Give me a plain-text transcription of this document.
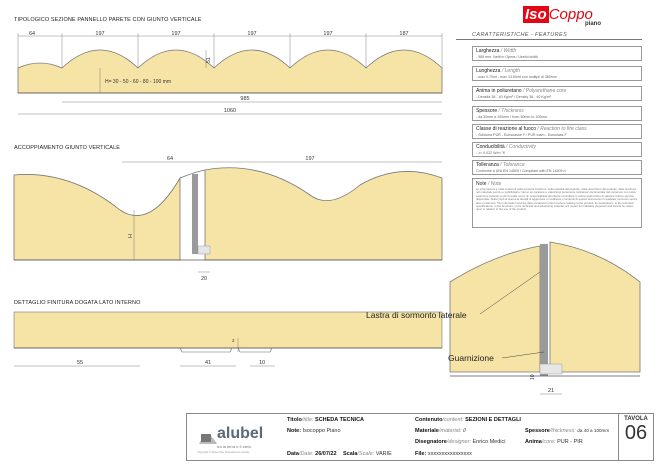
TIPOLOGICO SEZIONE PANNELLO PARETE CON GIUNTO VERTICALE
ACCOPPIAMENTO GIUNTO VERTICALE
DETTAGLIO FINITURA DOGATA LATO INTERNO
64	197	197	197	197	187
51
H= 30 - 50 - 60 - 80 - 100 mm
985
1060
64	197
H
20
55	41	10
2
21
10
Lastra di sormonto laterale
Guarnizione
Iso Coppo
piano
CARATTERISTICHE - FEATURES
Larghezza / Width
- 985 mm. Netti in Opera / Useful width
Lunghezza / Length
- max 0.70mt - max 13.60mt con multipli di 380mm
Anima in poliuretano / Polyurethane core
- Densità 38 - 40 Kg/m³ / Density 38 - 40 Kg/m³
Spessore / Thickness
- da 30mm a 100mm / from 30mm to 100mm
Classe di reazione al fuoco / Reaction to fire class
- Schiuma PUR - Euroclasse F / PUR foam - Euroclass F
Conducibilità / Conductivity
- λ= 0.022 W/m °K
Tolleranza / Tolerance
Conforme a UNI EN 14509 / Compliant with EN 14509 rt
Note / Note
Le informazioni e i dati contenuti nella presente brochure, sulla quantità del prodotto, delle descrizioni del prodotto, delle brochure, nel materiale tecnico e pubblicitario, hanno un carattere e valenzione puramente indicativa/ documentale del contenuto non potrà esprimere ostacoli su chi di quale uomo. E' responsabilità del cliente controllare in ordine quali al fine di valutare l'ultimo servizio disponibile. Alubel SpA si riserva la facoltà di aggiornare o modificare i contenuti di questo documento in qualsiasi momento senza alcun preavviso. The information and the data contained in this brochure relating to the product, its descriptions, in the technical specifications, in the brochure, in the technical and advertising material, are meant for indicative purposes and cannot be relied upon in relation to the use of the product.
alubel
tra la terra e il cielo
Copyright © Alubel Spa. Riproduzione vietata.
Titolo/title: SCHEDA TECNICA
Note: Isocoppo Piano
Data/Date: 26/07/22 Scala/Scale: VARIE
Contenuto/content: SEZIONI E DETTAGLI
Materiale/material: //
Disegnatore/designer: Enrico Medici
File: xxxxxxxxxxxxxxxx
Spessore/thickness: da 40 a 100mm
Anima/core: PUR - PIR
TAVOLA
06
